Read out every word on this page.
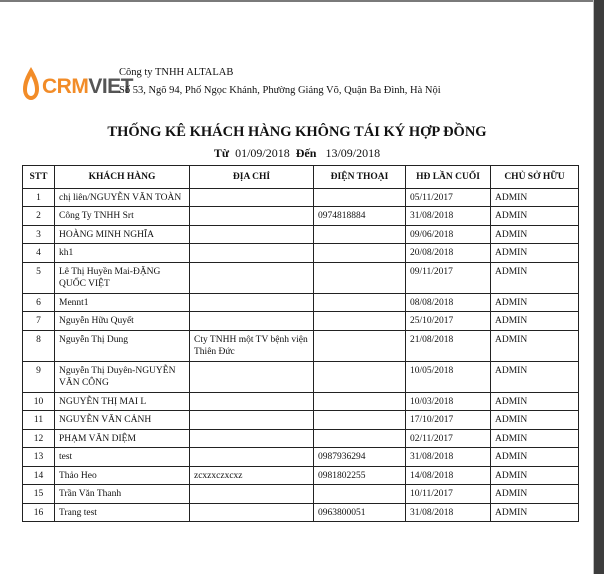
CRMVIET
Công ty TNHH ALTALAB
Số 53, Ngõ 94, Phố Ngọc Khánh, Phường Giảng Võ, Quận Ba Đình, Hà Nội
THỐNG KÊ KHÁCH HÀNG KHÔNG TÁI KÝ HỢP ĐỒNG
Từ 01/09/2018 Đến 13/09/2018
STT	KHÁCH HÀNG	ĐỊA CHỈ	ĐIỆN THOẠI	HĐ LẦN CUỐI	CHỦ SỞ HỮU
1	chị liên/NGUYỄN VĂN TOÀN			05/11/2017	ADMIN
2	Công Ty TNHH Srt		0974818884	31/08/2018	ADMIN
3	HOÀNG MINH NGHĨA			09/06/2018	ADMIN
4	kh1			20/08/2018	ADMIN
5	Lê Thị Huyền Mai-ĐẶNG QUỐC VIỆT			09/11/2017	ADMIN
6	Mennt1			08/08/2018	ADMIN
7	Nguyễn Hữu Quyết			25/10/2017	ADMIN
8	Nguyễn Thị Dung	Cty TNHH một TV bệnh viện Thiên Đức		21/08/2018	ADMIN
9	Nguyễn Thị Duyên-NGUYỄN VĂN CÔNG			10/05/2018	ADMIN
10	NGUYỄN THỊ MAI L			10/03/2018	ADMIN
11	NGUYỄN VĂN CẢNH			17/10/2017	ADMIN
12	PHẠM VĂN DIỆM			02/11/2017	ADMIN
13	test		0987936294	31/08/2018	ADMIN
14	Thảo Heo	zcxzxczxcxz	0981802255	14/08/2018	ADMIN
15	Trần Văn Thanh			10/11/2017	ADMIN
16	Trang test		0963800051	31/08/2018	ADMIN
